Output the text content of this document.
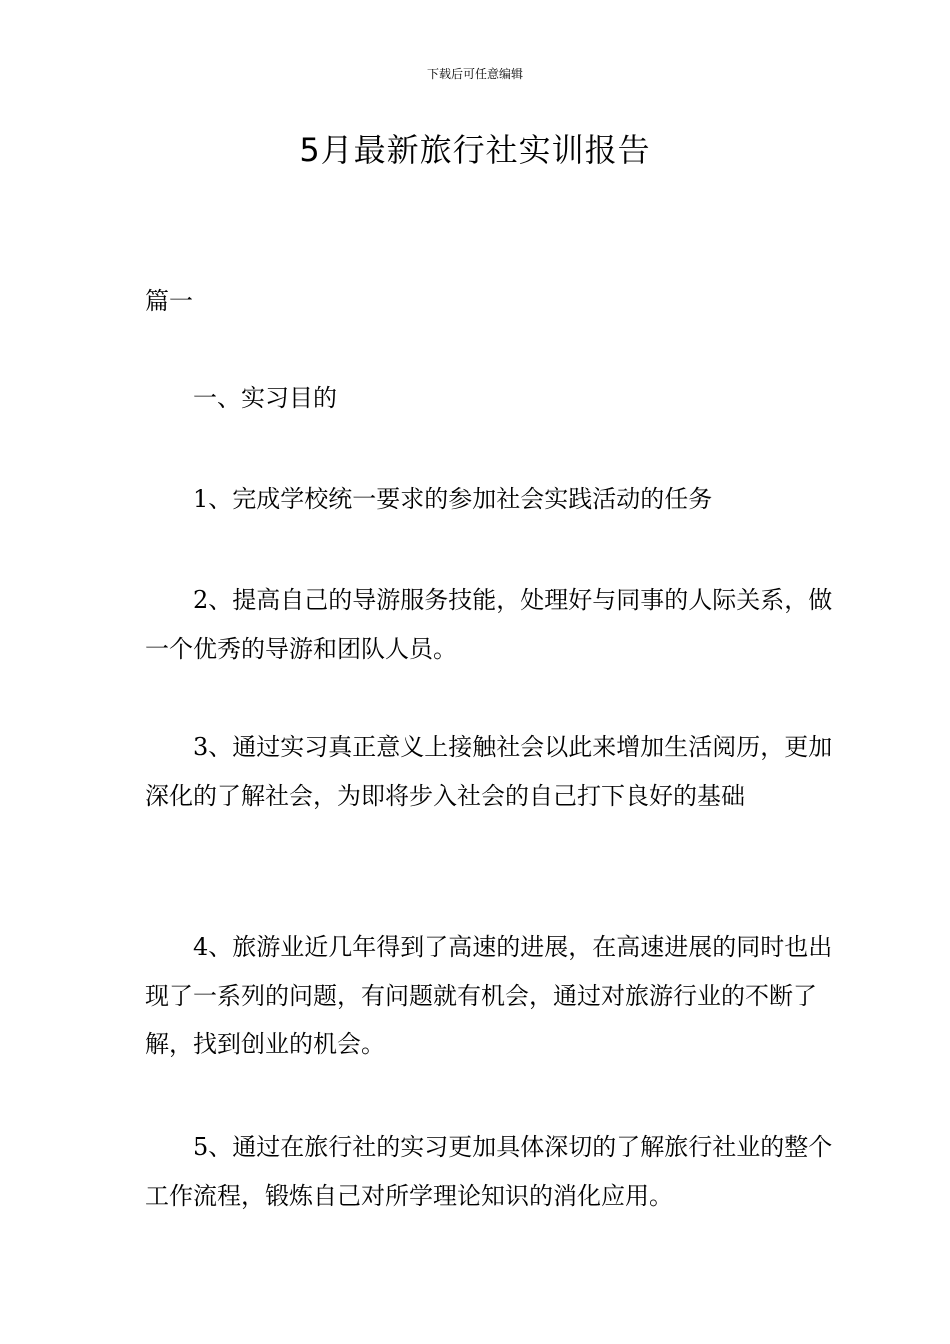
下载后可任意编辑
5月最新旅行社实训报告
篇一

一、实习目的

1、完成学校统一要求的参加社会实践活动的任务

2、提高自己的导游服务技能，处理好与同事的人际关系，做一个优秀的导游和团队人员。

3、通过实习真正意义上接触社会以此来增加生活阅历，更加深化的了解社会，为即将步入社会的自己打下良好的基础

4、旅游业近几年得到了高速的进展，在高速进展的同时也出现了一系列的问题，有问题就有机会，通过对旅游行业的不断了解，找到创业的机会。

5、通过在旅行社的实习更加具体深切的了解旅行社业的整个工作流程，锻炼自己对所学理论知识的消化应用。
